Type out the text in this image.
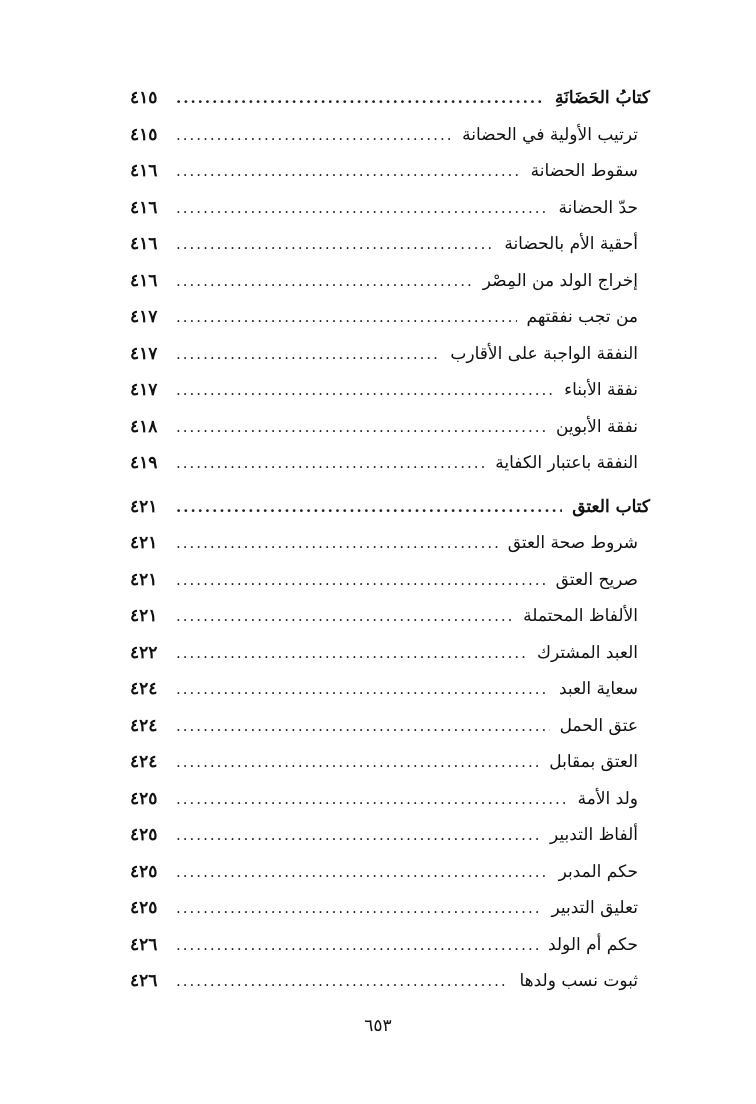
كتابُ الحَضَانَةِ
.....
٤١٥
ترتيب الأولية في الحضانة
.....
٤١٥
سقوط الحضانة
.....
٤١٦
حدّ الحضانة
.....
٤١٦
أحقية الأم بالحضانة
.....
٤١٦
إخراج الولد من المِصْر
.....
٤١٦
من تجب نفقتهم
.....
٤١٧
النفقة الواجبة على الأقارب
.....
٤١٧
نفقة الأبناء
.....
٤١٧
نفقة الأبوين
.....
٤١٨
النفقة باعتبار الكفاية
.....
٤١٩
كتاب العتق
.....
٤٢١
شروط صحة العتق
.....
٤٢١
صريح العتق
.....
٤٢١
الألفاظ المحتملة
.....
٤٢١
العبد المشترك
.....
٤٢٢
سعاية العبد
.....
٤٢٤
عتق الحمل
.....
٤٢٤
العتق بمقابل
.....
٤٢٤
ولد الأمة
.....
٤٢٥
ألفاظ التدبير
.....
٤٢٥
حكم المدبر
.....
٤٢٥
تعليق التدبير
.....
٤٢٥
حكم أم الولد
.....
٤٢٦
ثبوت نسب ولدها
.....
٤٢٦
٦٥٣
